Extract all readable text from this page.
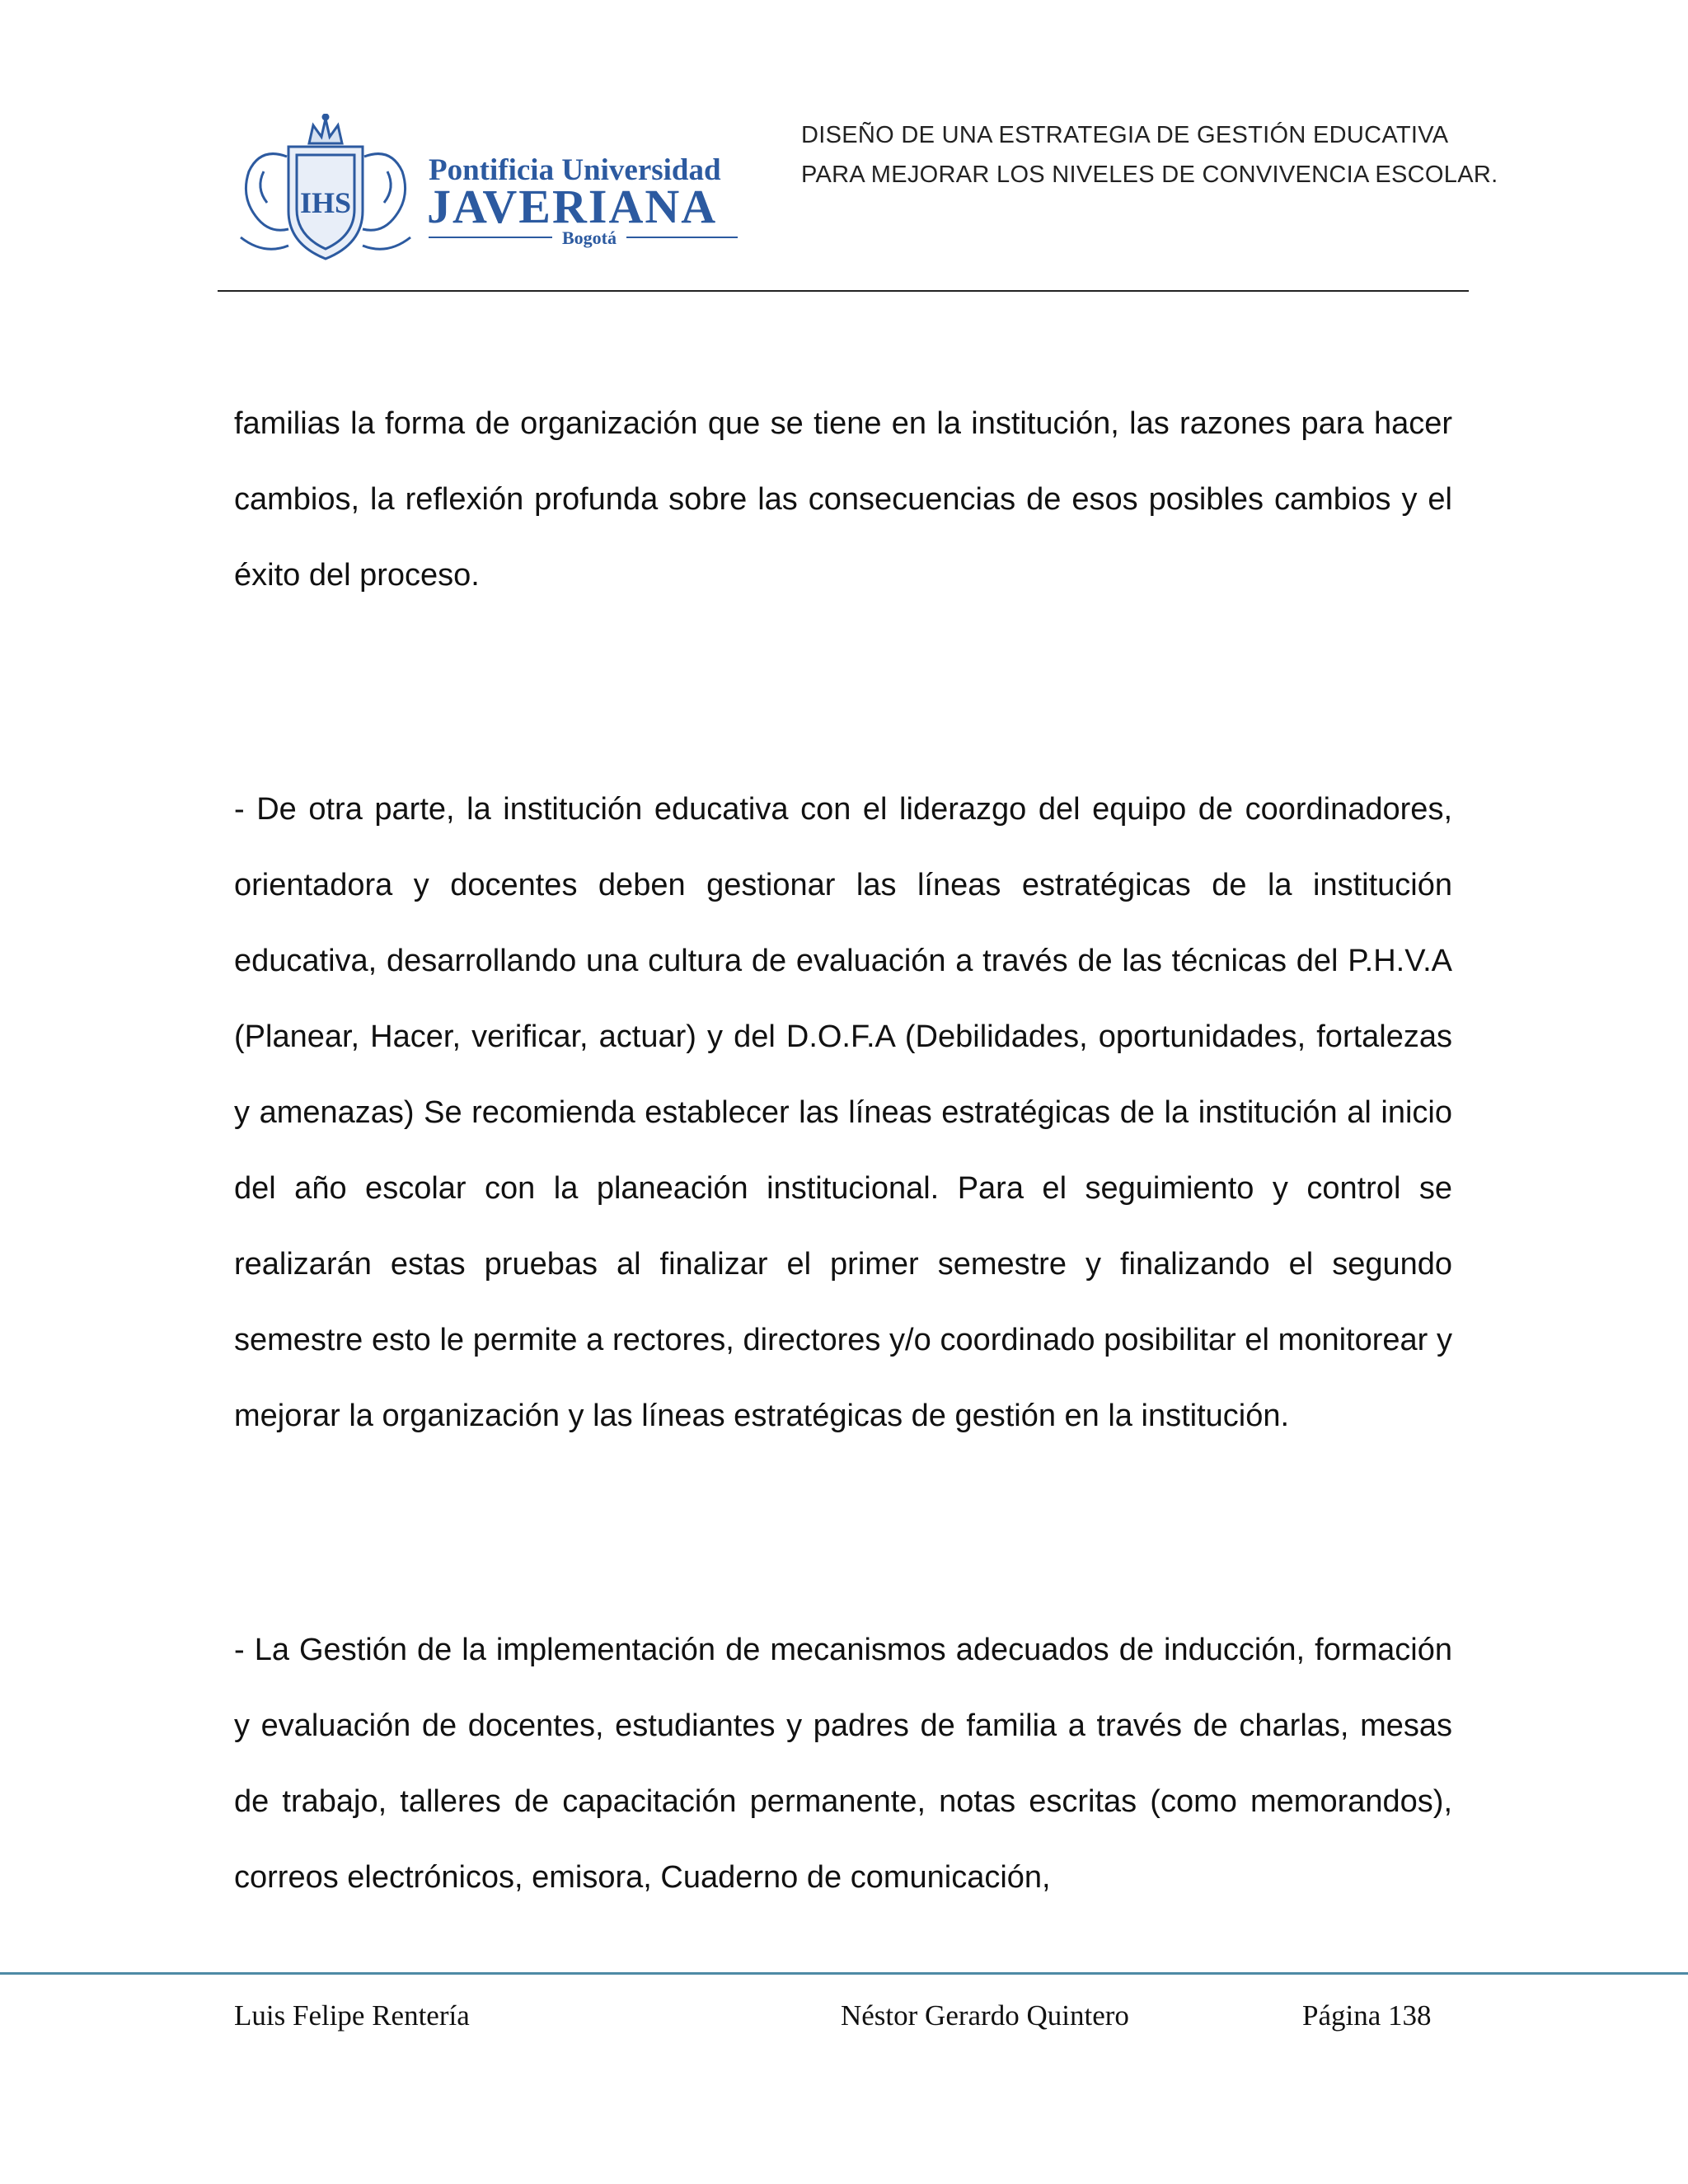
IHS
Pontificia Universidad
JAVERIANA
Bogotá
DISEÑO DE UNA ESTRATEGIA DE GESTIÓN EDUCATIVA
PARA MEJORAR LOS NIVELES DE CONVIVENCIA ESCOLAR.

familias la forma de organización que se tiene en la institución, las razones para hacer cambios, la reflexión profunda sobre las consecuencias de esos posibles cambios y el éxito del proceso.

- De otra parte, la institución educativa con el liderazgo del equipo de coordinadores, orientadora y docentes deben gestionar las líneas estratégicas de la institución educativa, desarrollando una cultura de evaluación a través de las técnicas del P.H.V.A (Planear, Hacer, verificar, actuar) y del D.O.F.A (Debilidades, oportunidades, fortalezas y amenazas) Se recomienda establecer las líneas estratégicas de la institución al inicio del año escolar con la planeación institucional. Para el seguimiento y control se realizarán estas pruebas al finalizar el primer semestre y finalizando el segundo semestre esto le permite a rectores, directores y/o coordinado posibilitar el monitorear y mejorar la organización y las líneas estratégicas de gestión en la institución.

- La Gestión de la implementación de mecanismos adecuados de inducción, formación y evaluación de docentes, estudiantes y padres de familia a través de charlas, mesas de trabajo, talleres de capacitación permanente, notas escritas (como memorandos), correos electrónicos, emisora, Cuaderno de comunicación,

Luis Felipe Rentería	Néstor Gerardo Quintero	Página 138
